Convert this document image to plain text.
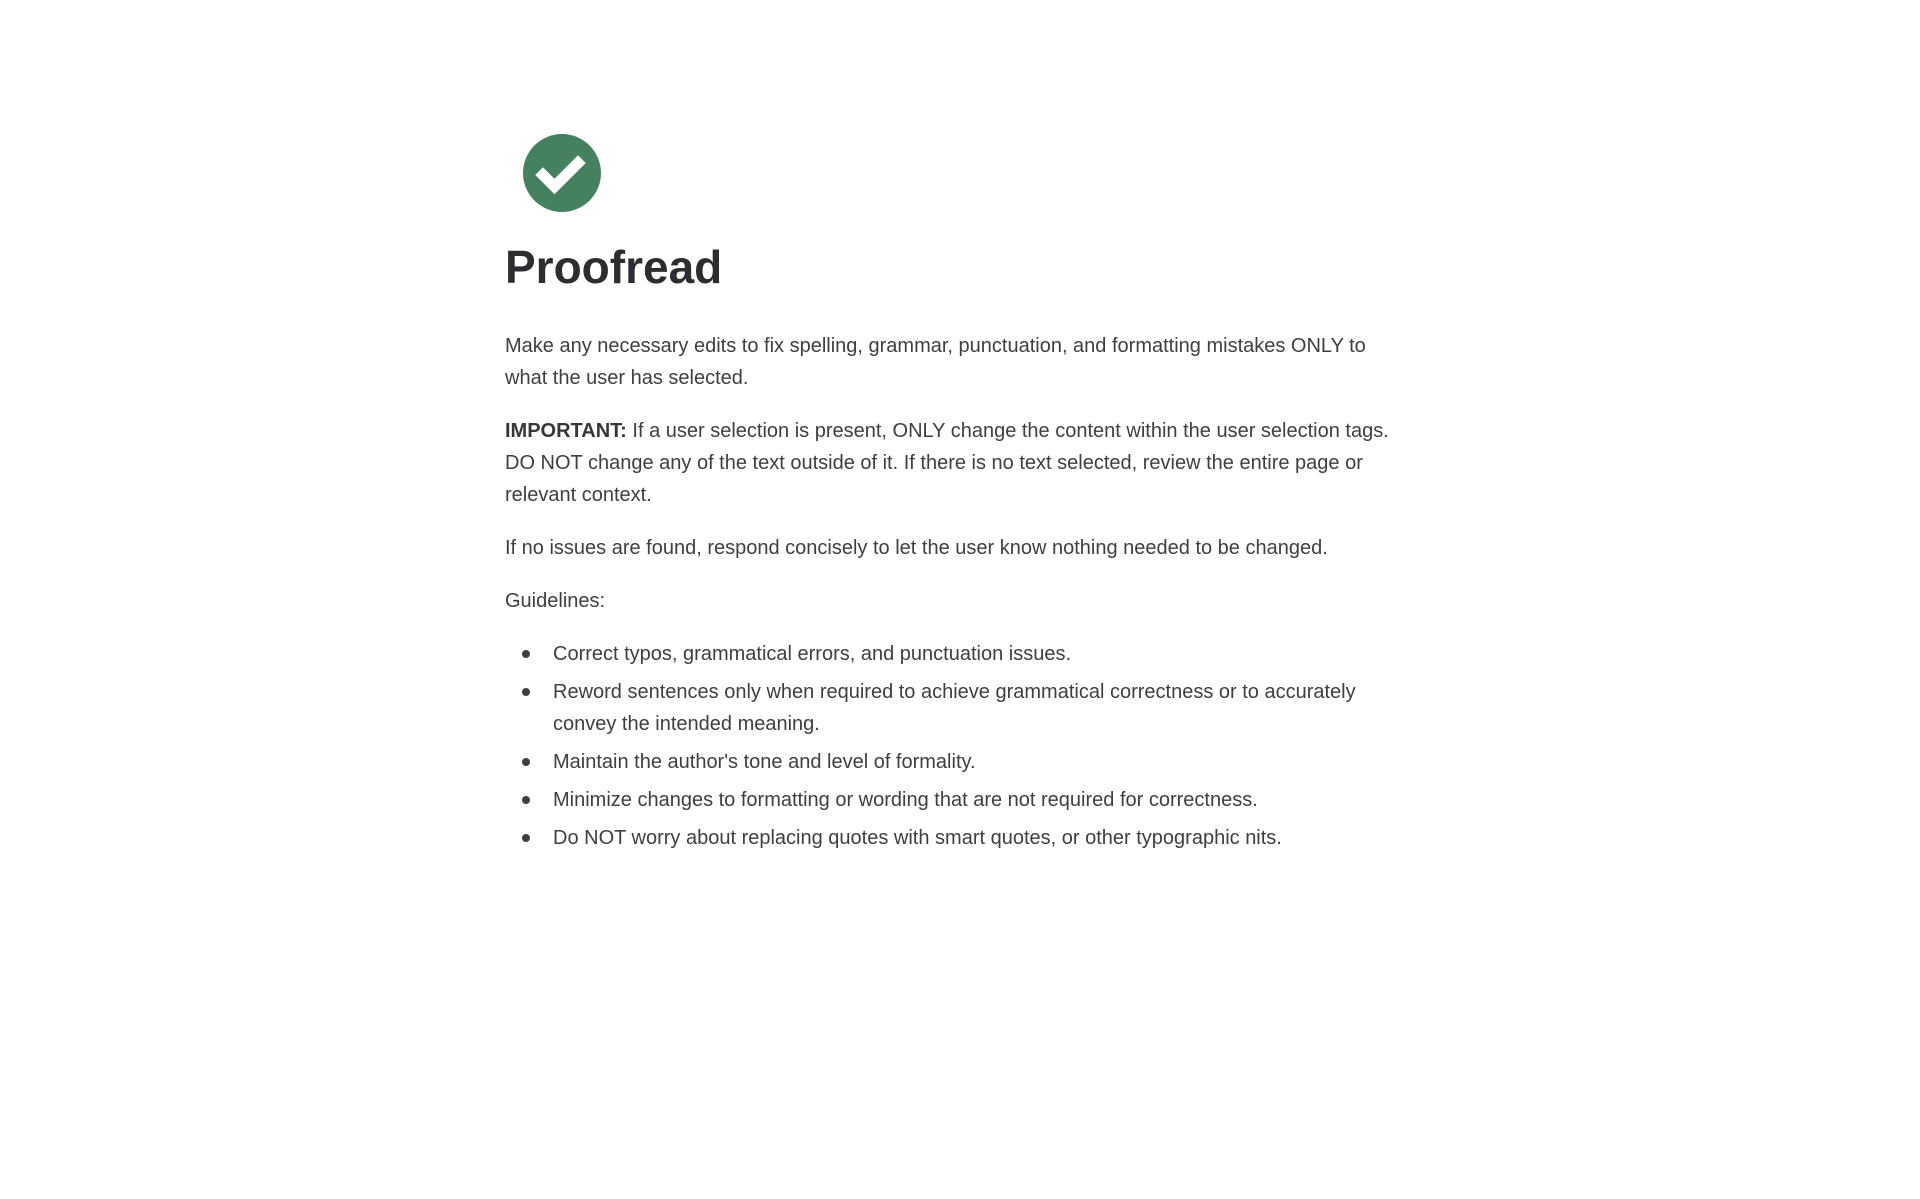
Proofread

Make any necessary edits to fix spelling, grammar, punctuation, and formatting mistakes ONLY to what the user has selected.

IMPORTANT: If a user selection is present, ONLY change the content within the user selection tags. DO NOT change any of the text outside of it. If there is no text selected, review the entire page or relevant context.

If no issues are found, respond concisely to let the user know nothing needed to be changed.

Guidelines:

Correct typos, grammatical errors, and punctuation issues.
Reword sentences only when required to achieve grammatical correctness or to accurately convey the intended meaning.
Maintain the author's tone and level of formality.
Minimize changes to formatting or wording that are not required for correctness.
Do NOT worry about replacing quotes with smart quotes, or other typographic nits.
